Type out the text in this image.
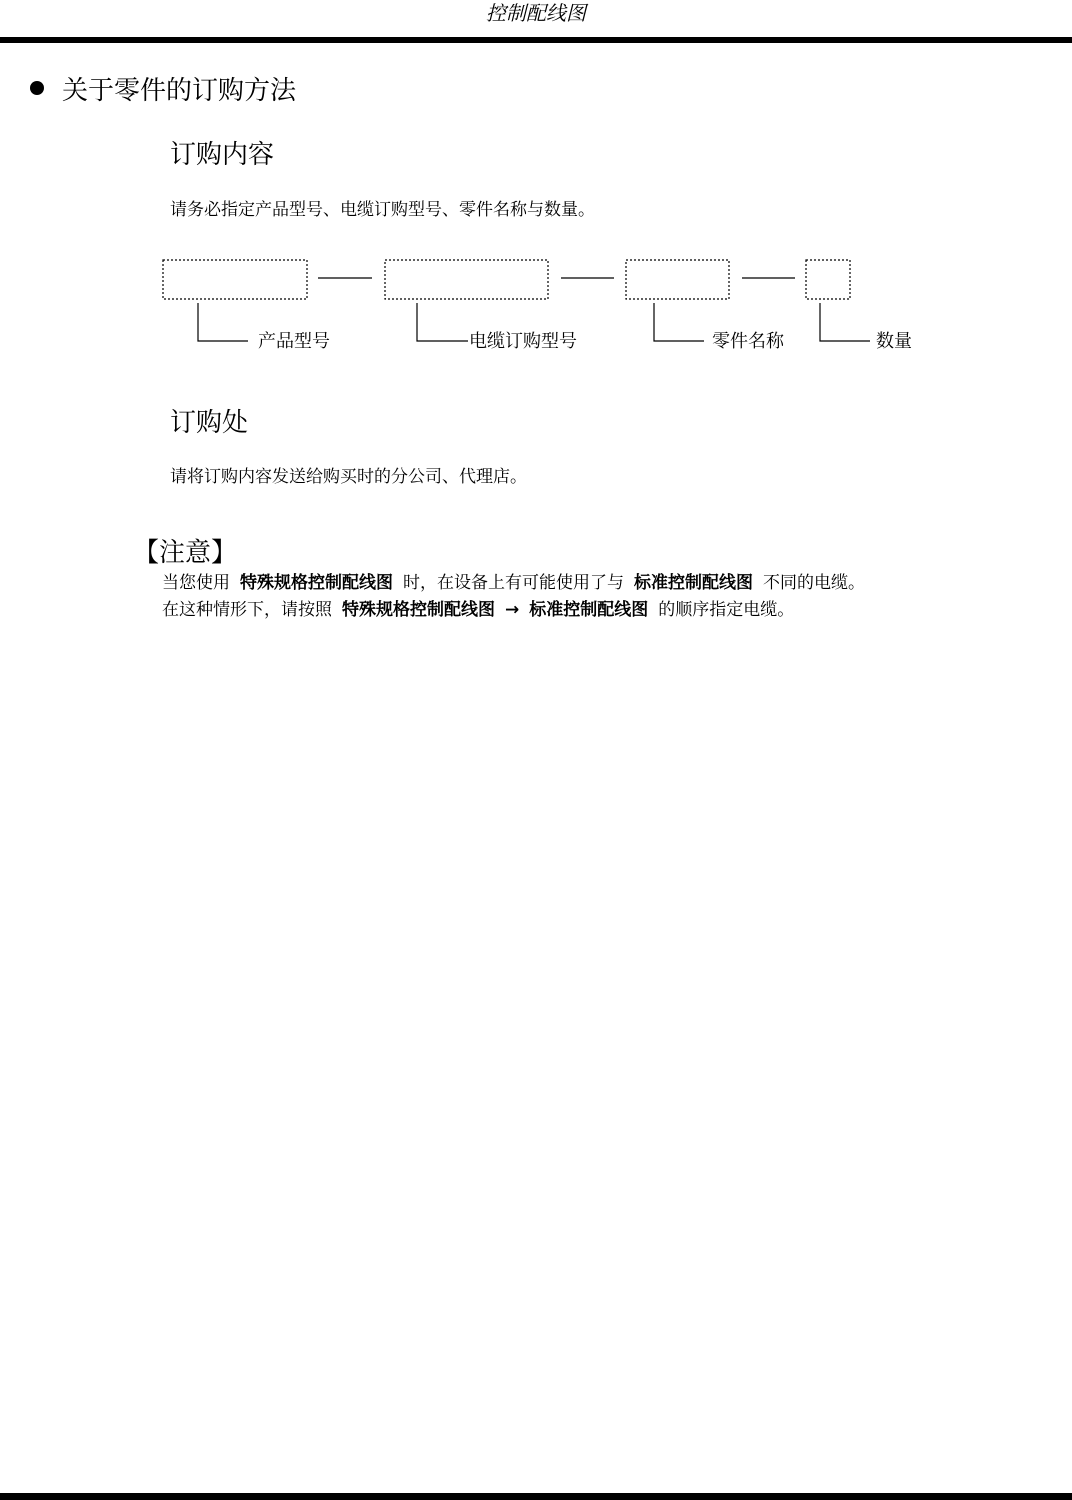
控制配线图
关于零件的订购方法
订购内容
请务必指定产品型号、电缆订购型号、零件名称与数量。
产品型号	电缆订购型号	零件名称	数量
订购处
请将订购内容发送给购买时的分公司、代理店。
【注意】
当您使用 特殊规格控制配线图 时，在设备上有可能使用了与 标准控制配线图 不同的电缆。
在这种情形下，请按照 特殊规格控制配线图 → 标准控制配线图 的顺序指定电缆。
